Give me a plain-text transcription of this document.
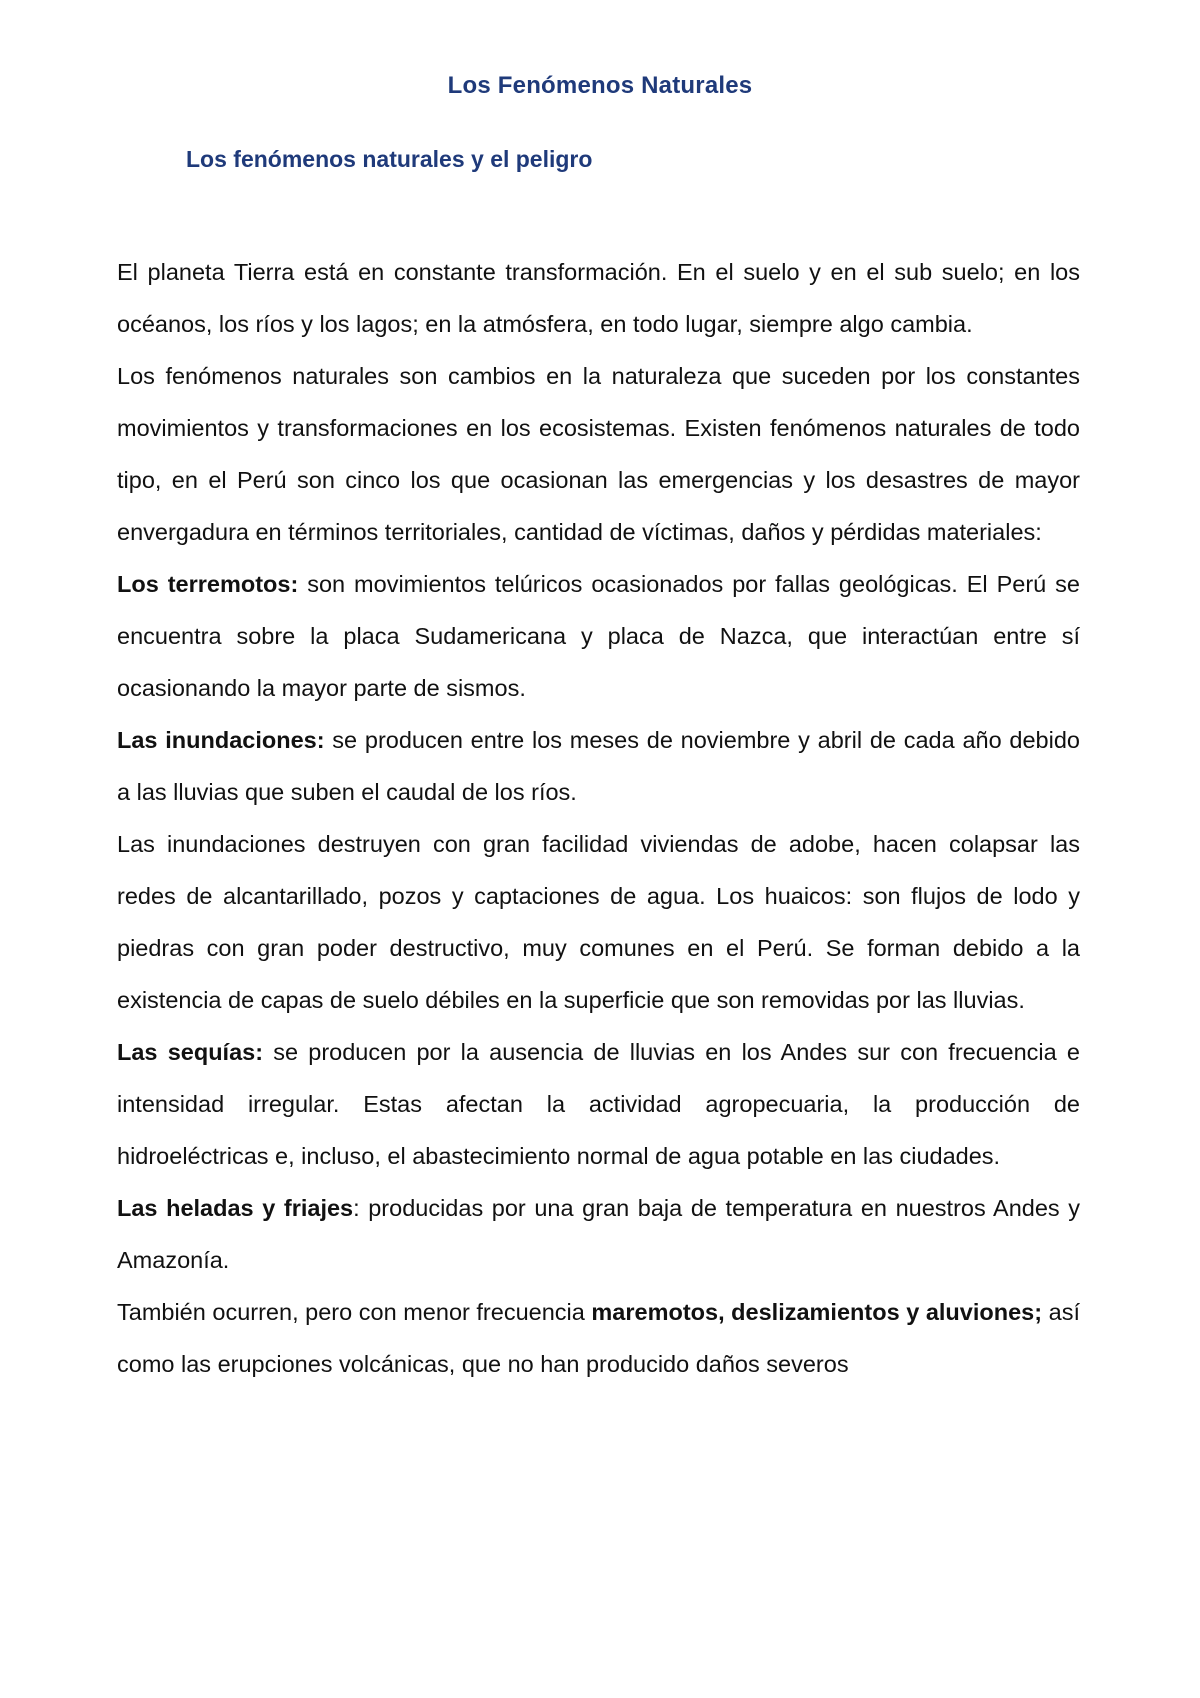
Los Fenómenos Naturales
Los fenómenos naturales y el peligro

El planeta Tierra está en constante transformación. En el suelo y en el sub suelo; en los océanos, los ríos y los lagos; en la atmósfera, en todo lugar, siempre algo cambia.

Los fenómenos naturales son cambios en la naturaleza que suceden por los constantes movimientos y transformaciones en los ecosistemas. Existen fenómenos naturales de todo tipo, en el Perú son cinco los que ocasionan las emergencias y los desastres de mayor envergadura en términos territoriales, cantidad de víctimas, daños y pérdidas materiales:

Los terremotos: son movimientos telúricos ocasionados por fallas geológicas. El Perú se encuentra sobre la placa Sudamericana y placa de Nazca, que interactúan entre sí ocasionando la mayor parte de sismos.

Las inundaciones: se producen entre los meses de noviembre y abril de cada año debido a las lluvias que suben el caudal de los ríos.

Las inundaciones destruyen con gran facilidad viviendas de adobe, hacen colapsar las redes de alcantarillado, pozos y captaciones de agua. Los huaicos: son flujos de lodo y piedras con gran poder destructivo, muy comunes en el Perú. Se forman debido a la existencia de capas de suelo débiles en la superficie que son removidas por las lluvias.

Las sequías: se producen por la ausencia de lluvias en los Andes sur con frecuencia e intensidad irregular. Estas afectan la actividad agropecuaria, la producción de hidroeléctricas e, incluso, el abastecimiento normal de agua potable en las ciudades.

Las heladas y friajes: producidas por una gran baja de temperatura en nuestros Andes y Amazonía.

También ocurren, pero con menor frecuencia maremotos, deslizamientos y aluviones; así como las erupciones volcánicas, que no han producido daños severos
